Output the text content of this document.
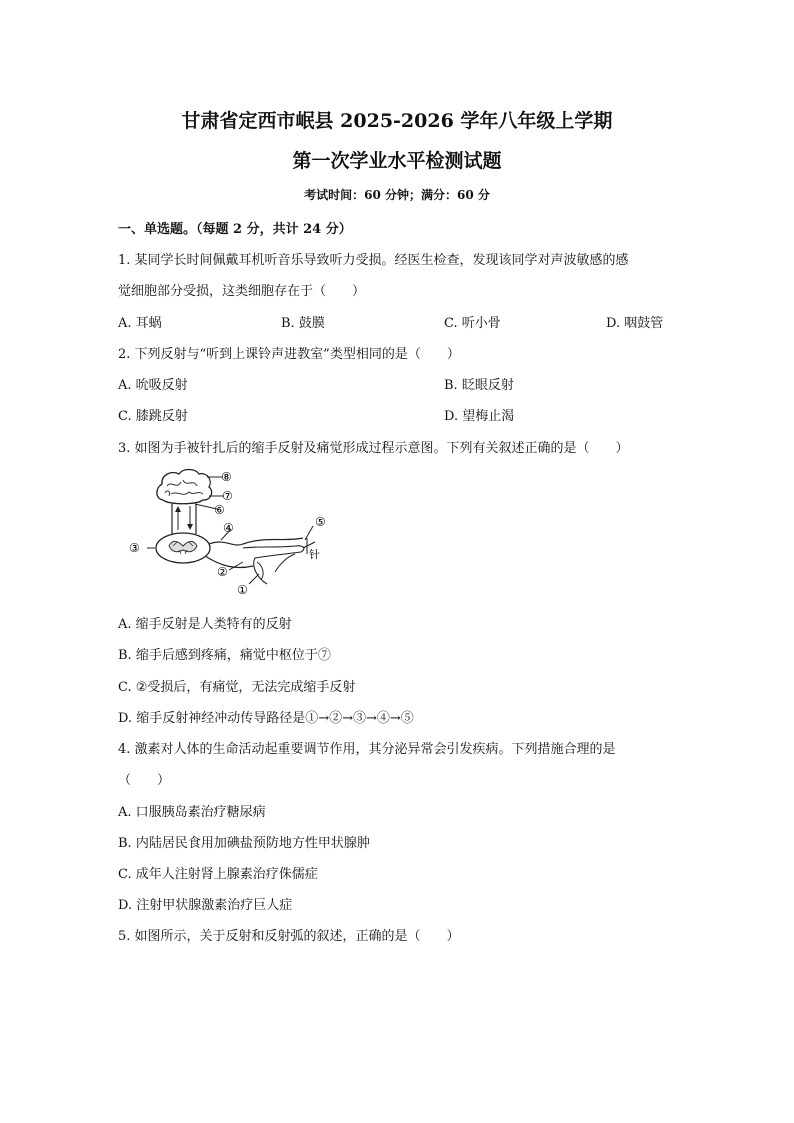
甘肃省定西市岷县 2025-2026 学年八年级上学期
第一次学业水平检测试题
考试时间：60 分钟；满分：60 分
一、单选题。（每题 2 分，共计 24 分）
1. 某同学长时间佩戴耳机听音乐导致听力受损。经医生检查，发现该同学对声波敏感的感
觉细胞部分受损，这类细胞存在于（　　）
A. 耳蜗	B. 鼓膜	C. 听小骨	D. 咽鼓管
2. 下列反射与“听到上课铃声进教室”类型相同的是（　　）
A. 吮吸反射	B. 眨眼反射
C. 膝跳反射	D. 望梅止渴
3. 如图为手被针扎后的缩手反射及痛觉形成过程示意图。下列有关叙述正确的是（　　）
⑧
⑦
⑥
④	⑤
③
②
①
针
A. 缩手反射是人类特有的反射
B. 缩手后感到疼痛，痛觉中枢位于⑦
C. ②受损后，有痛觉，无法完成缩手反射
D. 缩手反射神经冲动传导路径是①→②→③→④→⑤
4. 激素对人体的生命活动起重要调节作用，其分泌异常会引发疾病。下列措施合理的是
（　　）
A. 口服胰岛素治疗糖尿病
B. 内陆居民食用加碘盐预防地方性甲状腺肿
C. 成年人注射肾上腺素治疗侏儒症
D. 注射甲状腺激素治疗巨人症
5. 如图所示，关于反射和反射弧的叙述，正确的是（　　）
